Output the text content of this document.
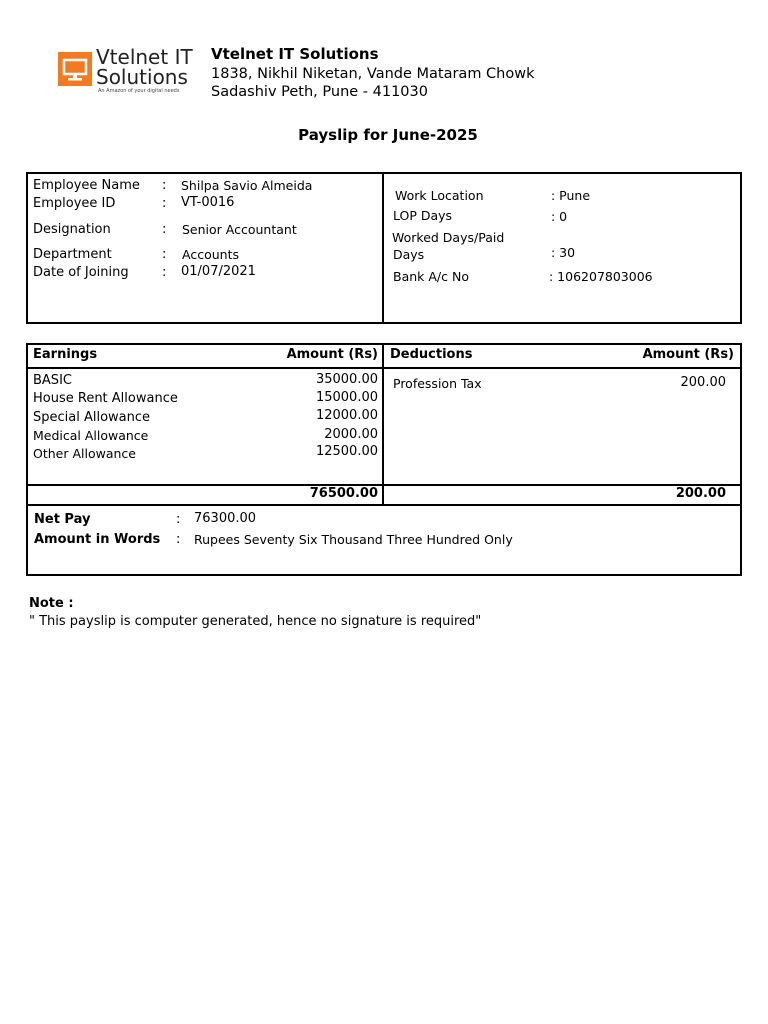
Vtelnet IT
Solutions
An Amazon of your digital needs
Vtelnet IT Solutions
1838, Nikhil Niketan, Vande Mataram Chowk
Sadashiv Peth, Pune - 411030
Payslip for June-2025
Employee Name : Shilpa Savio Almeida
Employee ID	: VT-0016
Designation	: Senior Accountant
Department	: Accounts
Date of Joining	: 01/07/2021
Work Location	: Pune
LOP Days	: 0
Worked Days/Paid
Days	: 30
Bank A/c No	: 106207803006
Earnings	Amount (Rs) Deductions	Amount (Rs)
BASIC	35000.00
House Rent Allowance	15000.00
Special Allowance	12000.00
Medical Allowance	2000.00
Other Allowance	12500.00
Profession Tax	200.00
76500.00	200.00
Net Pay	: 76300.00
Amount in Words : Rupees Seventy Six Thousand Three Hundred Only
Note :
" This payslip is computer generated, hence no signature is required"
